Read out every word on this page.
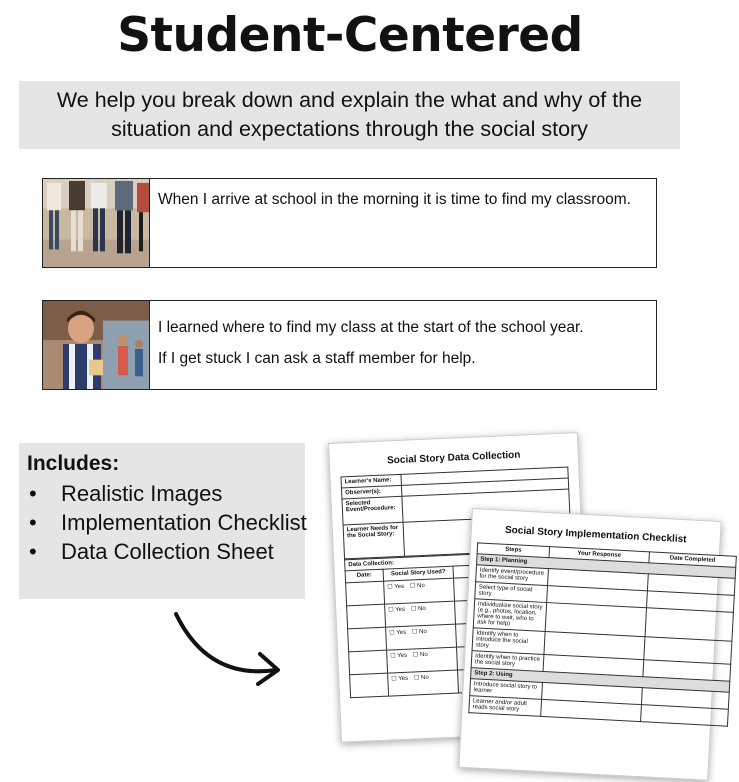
Student-Centered
We help you break down and explain the what and why of the situation and expectations through the social story

When I arrive at school in the morning it is time to find my classroom.

I learned where to find my class at the start of the school year.

If I get stuck I can ask a staff member for help.

Includes:
• Realistic Images
• Implementation Checklist
• Data Collection Sheet
Social Story Data Collection
Learner's Name:	
Observer(s):	
Selected Event/Procedure:	
Learner Needs for the Social Story:	
Data Collection:		
Date:	Social Story Used?	
	☐ Yes ☐ No	
	☐ Yes ☐ No	
	☐ Yes ☐ No	
	☐ Yes ☐ No	
	☐ Yes ☐ No	
Social Story Implementation Checklist
Steps	Your Response	Date Completed
Step 1: Planning		
Identify event/procedure for the social story		
Select type of social story		
Individualize social story (e.g., photos, location, where to wait, who to ask for help)		
Identify when to introduce the social story		
Identify when to practice the social story		
Step 2: Using		
Introduce social story to learner		
Learner and/or adult reads social story		
